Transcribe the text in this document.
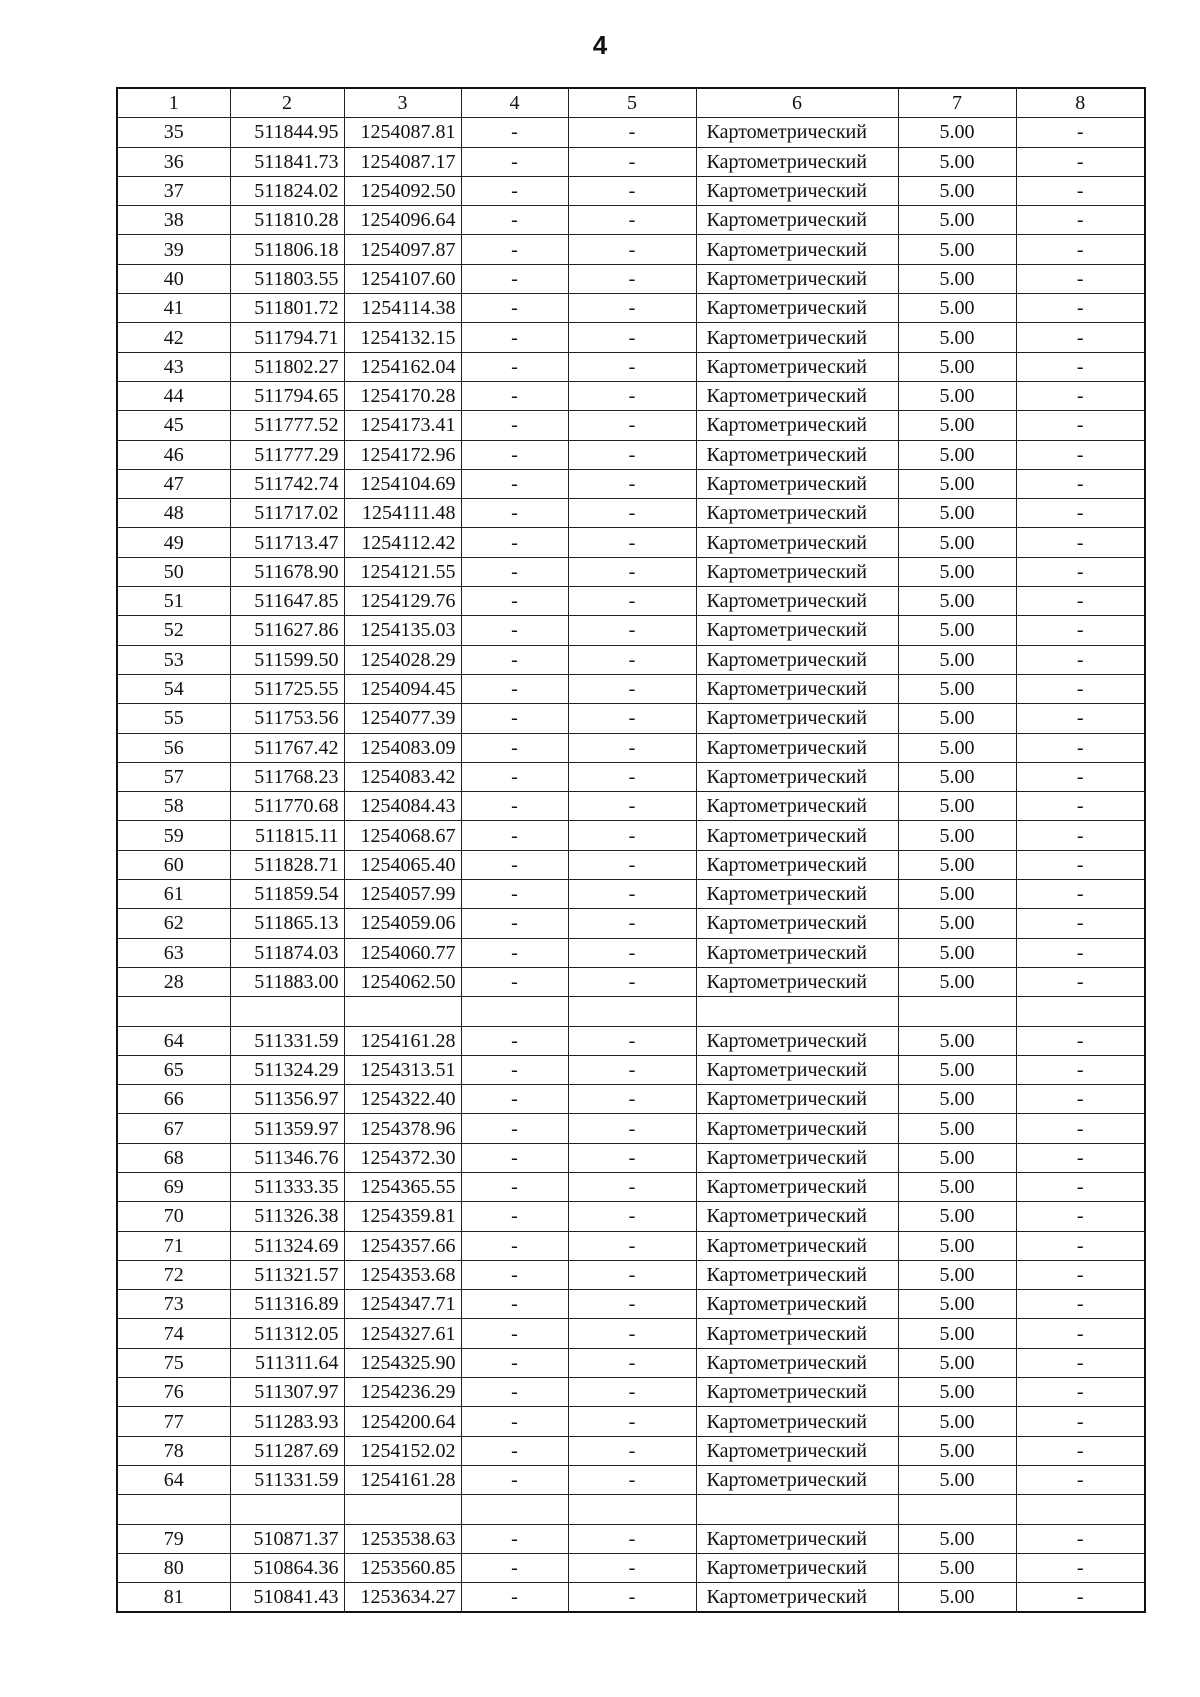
4
1	2	3	4	5	6	7	8
35	511844.95	1254087.81	-	-	Картометрический	5.00	-
36	511841.73	1254087.17	-	-	Картометрический	5.00	-
37	511824.02	1254092.50	-	-	Картометрический	5.00	-
38	511810.28	1254096.64	-	-	Картометрический	5.00	-
39	511806.18	1254097.87	-	-	Картометрический	5.00	-
40	511803.55	1254107.60	-	-	Картометрический	5.00	-
41	511801.72	1254114.38	-	-	Картометрический	5.00	-
42	511794.71	1254132.15	-	-	Картометрический	5.00	-
43	511802.27	1254162.04	-	-	Картометрический	5.00	-
44	511794.65	1254170.28	-	-	Картометрический	5.00	-
45	511777.52	1254173.41	-	-	Картометрический	5.00	-
46	511777.29	1254172.96	-	-	Картометрический	5.00	-
47	511742.74	1254104.69	-	-	Картометрический	5.00	-
48	511717.02	1254111.48	-	-	Картометрический	5.00	-
49	511713.47	1254112.42	-	-	Картометрический	5.00	-
50	511678.90	1254121.55	-	-	Картометрический	5.00	-
51	511647.85	1254129.76	-	-	Картометрический	5.00	-
52	511627.86	1254135.03	-	-	Картометрический	5.00	-
53	511599.50	1254028.29	-	-	Картометрический	5.00	-
54	511725.55	1254094.45	-	-	Картометрический	5.00	-
55	511753.56	1254077.39	-	-	Картометрический	5.00	-
56	511767.42	1254083.09	-	-	Картометрический	5.00	-
57	511768.23	1254083.42	-	-	Картометрический	5.00	-
58	511770.68	1254084.43	-	-	Картометрический	5.00	-
59	511815.11	1254068.67	-	-	Картометрический	5.00	-
60	511828.71	1254065.40	-	-	Картометрический	5.00	-
61	511859.54	1254057.99	-	-	Картометрический	5.00	-
62	511865.13	1254059.06	-	-	Картометрический	5.00	-
63	511874.03	1254060.77	-	-	Картометрический	5.00	-
28	511883.00	1254062.50	-	-	Картометрический	5.00	-

64	511331.59	1254161.28	-	-	Картометрический	5.00	-
65	511324.29	1254313.51	-	-	Картометрический	5.00	-
66	511356.97	1254322.40	-	-	Картометрический	5.00	-
67	511359.97	1254378.96	-	-	Картометрический	5.00	-
68	511346.76	1254372.30	-	-	Картометрический	5.00	-
69	511333.35	1254365.55	-	-	Картометрический	5.00	-
70	511326.38	1254359.81	-	-	Картометрический	5.00	-
71	511324.69	1254357.66	-	-	Картометрический	5.00	-
72	511321.57	1254353.68	-	-	Картометрический	5.00	-
73	511316.89	1254347.71	-	-	Картометрический	5.00	-
74	511312.05	1254327.61	-	-	Картометрический	5.00	-
75	511311.64	1254325.90	-	-	Картометрический	5.00	-
76	511307.97	1254236.29	-	-	Картометрический	5.00	-
77	511283.93	1254200.64	-	-	Картометрический	5.00	-
78	511287.69	1254152.02	-	-	Картометрический	5.00	-
64	511331.59	1254161.28	-	-	Картометрический	5.00	-

79	510871.37	1253538.63	-	-	Картометрический	5.00	-
80	510864.36	1253560.85	-	-	Картометрический	5.00	-
81	510841.43	1253634.27	-	-	Картометрический	5.00	-
